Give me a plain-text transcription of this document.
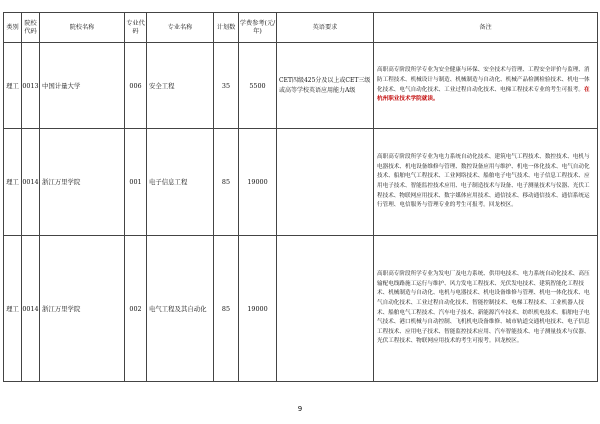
类别	院校代码	院校名称	专业代码	专业名称	计划数	学费参考(元/年)	英语要求	备注
理工	0013	中国计量大学	006	安全工程	35	5500	CET四级425分及以上或CET三级或高等学校英语应用能力A级	高职高专阶段所学专业为安全健康与环保、安全技术与管理、工程安全评价与监理、消防工程技术、机械设计与制造、机械制造与自动化、机械产品检测检验技术、机电一体化技术、电气自动化技术、工业过程自动化技术、电梯工程技术专业的考生可报考。在杭州职业技术学院就读。
理工	0014	浙江万里学院	001	电子信息工程	85	19000		高职高专阶段所学专业为电力系统自动化技术、建筑电气工程技术、数控技术、电机与电器技术、机电设备维修与管理、数控设备应用与维护、机电一体化技术、电气自动化技术、船舶电气工程技术、工业网络技术、船舶电子电气技术、电子信息工程技术、应用电子技术、智能监控技术应用、电子制造技术与设备、电子测量技术与仪器、光伏工程技术、物联网应用技术、数字媒体应用技术、通信技术、移动通信技术、通信系统运行管理、电信服务与管理专业的考生可报考。回龙校区。
理工	0014	浙江万里学院	002	电气工程及其自动化	85	19000		高职高专阶段所学专业为发电厂及电力系统、供用电技术、电力系统自动化技术、高压输配电线路施工运行与维护、风力发电工程技术、光伏发电技术、建筑智能化工程技术、机械制造与自动化、电机与电器技术、机电设备维修与管理、机电一体化技术、电气自动化技术、工业过程自动化技术、智能控制技术、电梯工程技术、工业机器人技术、船舶电气工程技术、汽车电子技术、新能源汽车技术、纺织机电技术、船舶电子电气技术、港口机械与自动控制、飞机机电设备维修、城市轨道交通机电技术、电子信息工程技术、应用电子技术、智能监控技术应用、汽车智能技术、电子测量技术与仪器、光伏工程技术、物联网应用技术的考生可报考。回龙校区。
9
